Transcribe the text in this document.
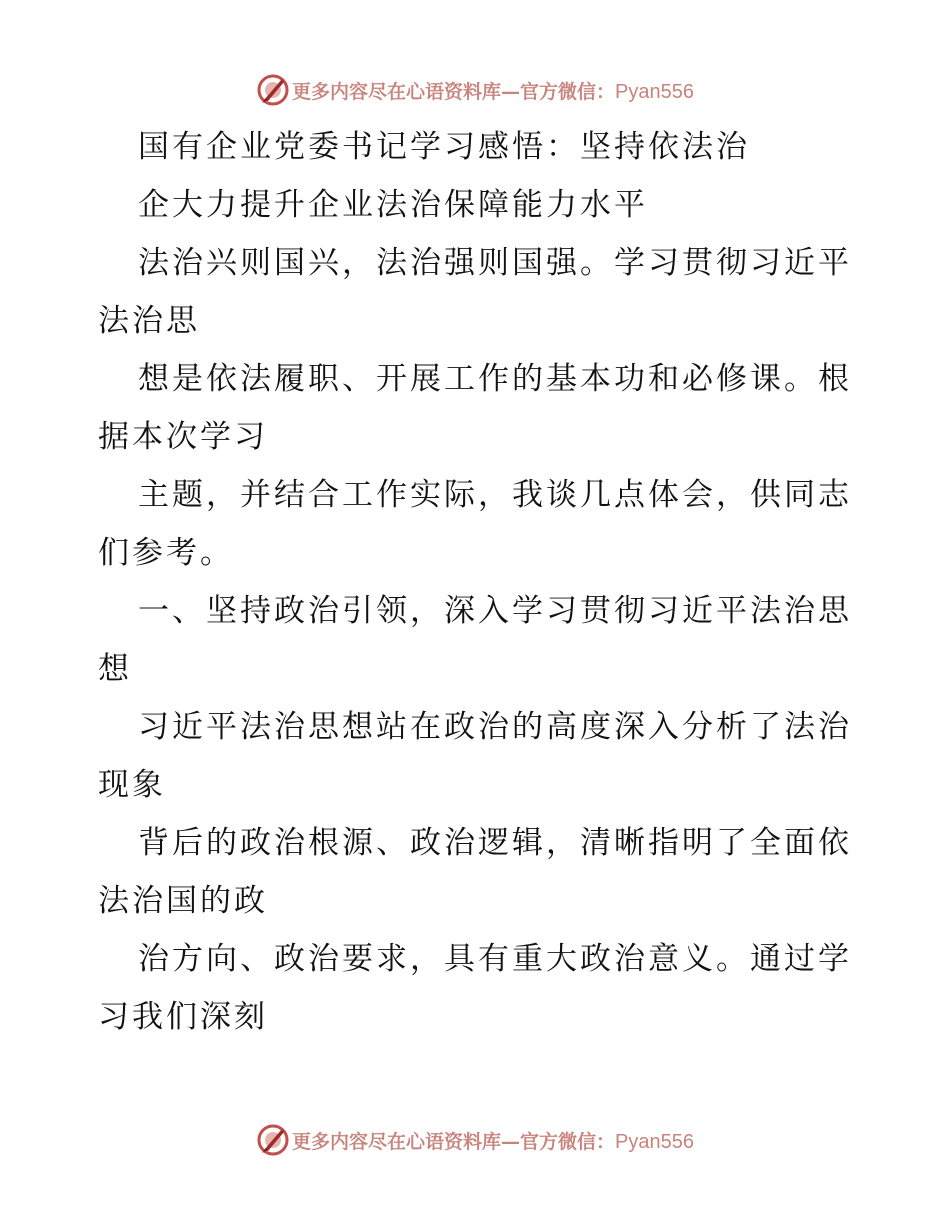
更多内容尽在心语资料库—官方微信：Pyan556
国有企业党委书记学习感悟：坚持依法治
企大力提升企业法治保障能力水平
法治兴则国兴，法治强则国强。学习贯彻习近平
法治思
想是依法履职、开展工作的基本功和必修课。根
据本次学习
主题，并结合工作实际，我谈几点体会，供同志
们参考。
一、坚持政治引领，深入学习贯彻习近平法治思
想
习近平法治思想站在政治的高度深入分析了法治
现象
背后的政治根源、政治逻辑，清晰指明了全面依
法治国的政
治方向、政治要求，具有重大政治意义。通过学
习我们深刻
更多内容尽在心语资料库—官方微信：Pyan556
